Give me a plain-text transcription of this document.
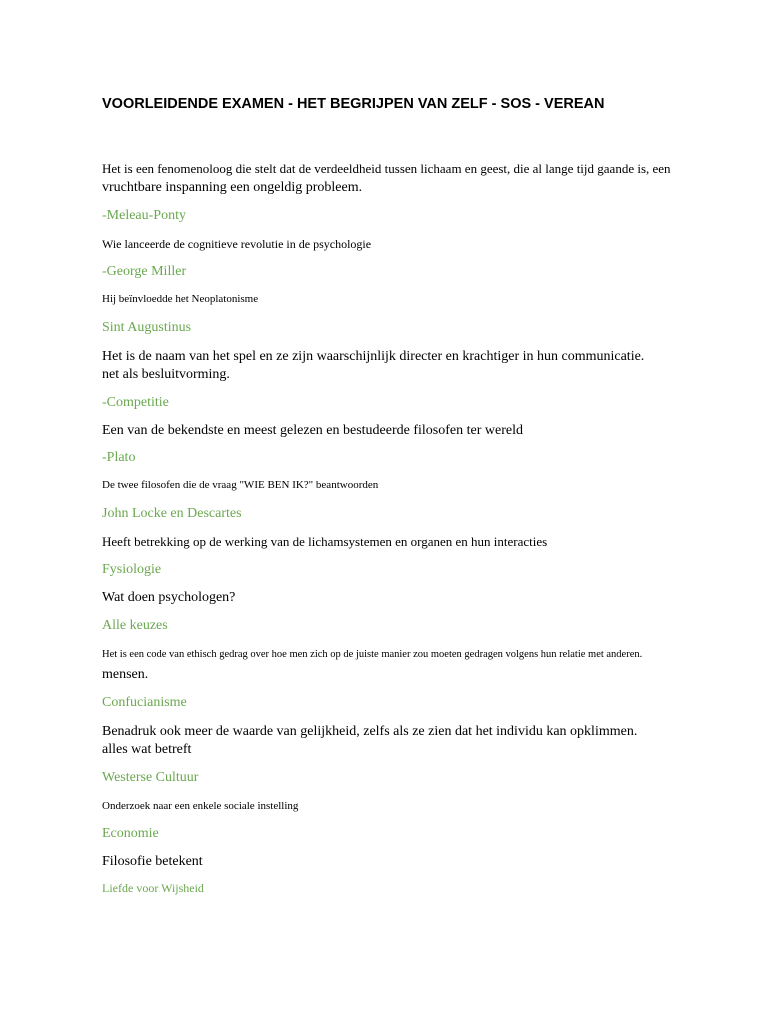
VOORLEIDENDE EXAMEN - HET BEGRIJPEN VAN ZELF - SOS - VEREAN

Het is een fenomenoloog die stelt dat de verdeeldheid tussen lichaam en geest, die al lange tijd gaande is, een
vruchtbare inspanning een ongeldig probleem.

-Meleau-Ponty

Wie lanceerde de cognitieve revolutie in de psychologie

-George Miller

Hij beïnvloedde het Neoplatonisme

Sint Augustinus

Het is de naam van het spel en ze zijn waarschijnlijk directer en krachtiger in hun communicatie.
net als besluitvorming.

-Competitie

Een van de bekendste en meest gelezen en bestudeerde filosofen ter wereld

-Plato

De twee filosofen die de vraag "WIE BEN IK?" beantwoorden

John Locke en Descartes

Heeft betrekking op de werking van de lichamsystemen en organen en hun interacties

Fysiologie

Wat doen psychologen?

Alle keuzes

Het is een code van ethisch gedrag over hoe men zich op de juiste manier zou moeten gedragen volgens hun relatie met anderen.
mensen.

Confucianisme

Benadruk ook meer de waarde van gelijkheid, zelfs als ze zien dat het individu kan opklimmen.
alles wat betreft

Westerse Cultuur

Onderzoek naar een enkele sociale instelling

Economie

Filosofie betekent

Liefde voor Wijsheid
